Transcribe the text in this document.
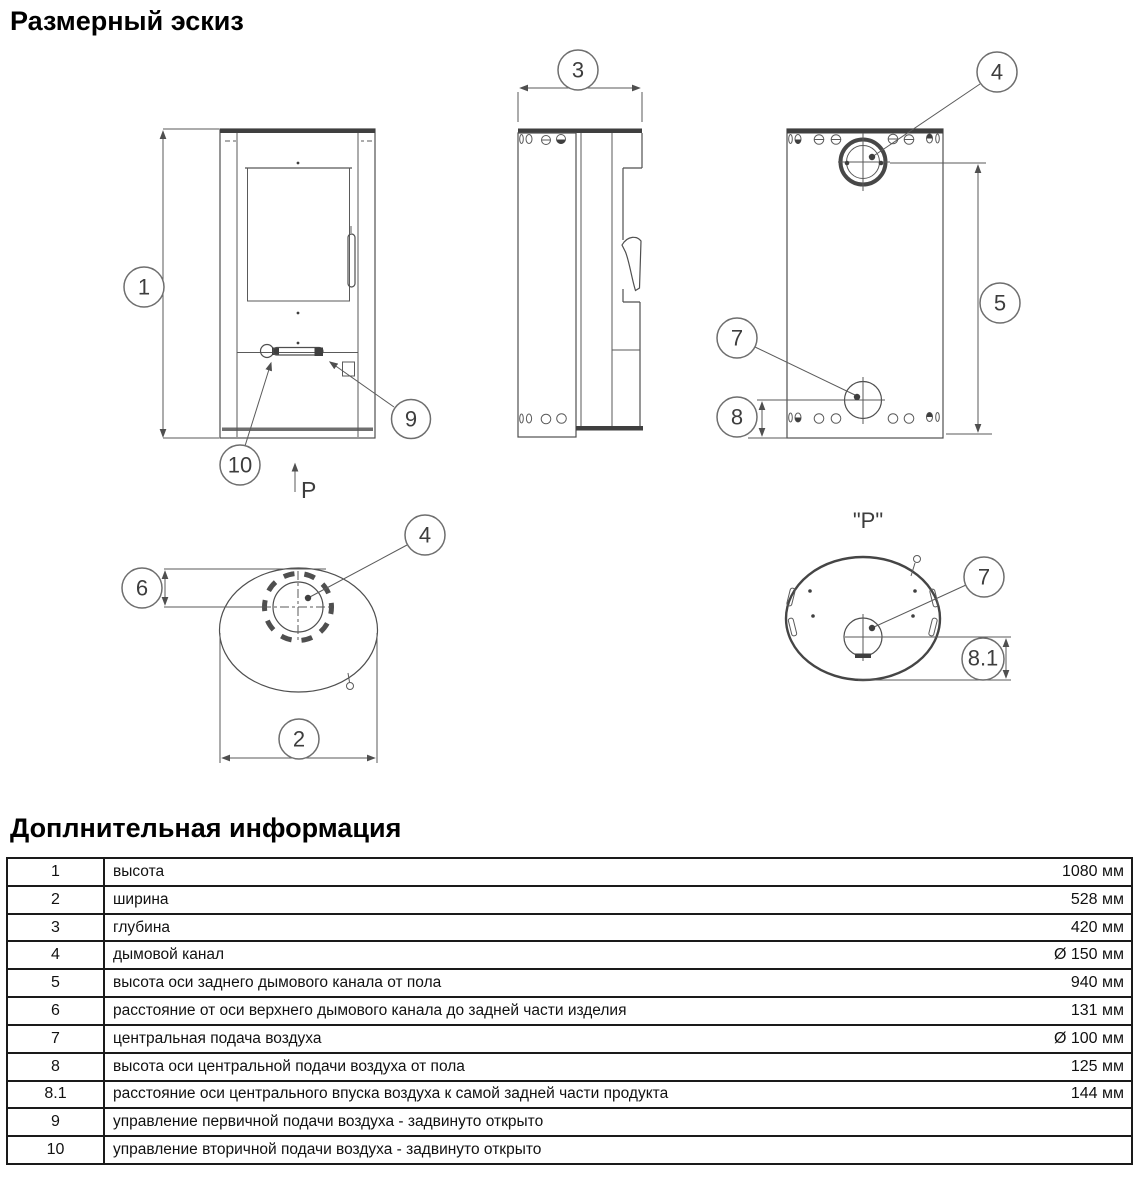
Размерный эскиз
1
9
10
P
3	4
5
7
8
4
6
2
"P"
7
8.1
Доплнительная информация
1	высота	1080 мм
2	ширина	528 мм
3	глубина	420 мм
4	дымовой канал	Ø 150 мм
5	высота оси заднего дымового канала от пола	940 мм
6	расстояние от оси верхнего дымового канала до задней части изделия	131 мм
7	центральная подача воздуха	Ø 100 мм
8	высота оси центральной подачи воздуха от пола	125 мм
8.1	расстояние оси центрального впуска воздуха к самой задней части продукта	144 мм
9	управление первичной подачи воздуха - задвинуто открыто
10	управление вторичной подачи воздуха - задвинуто открыто
